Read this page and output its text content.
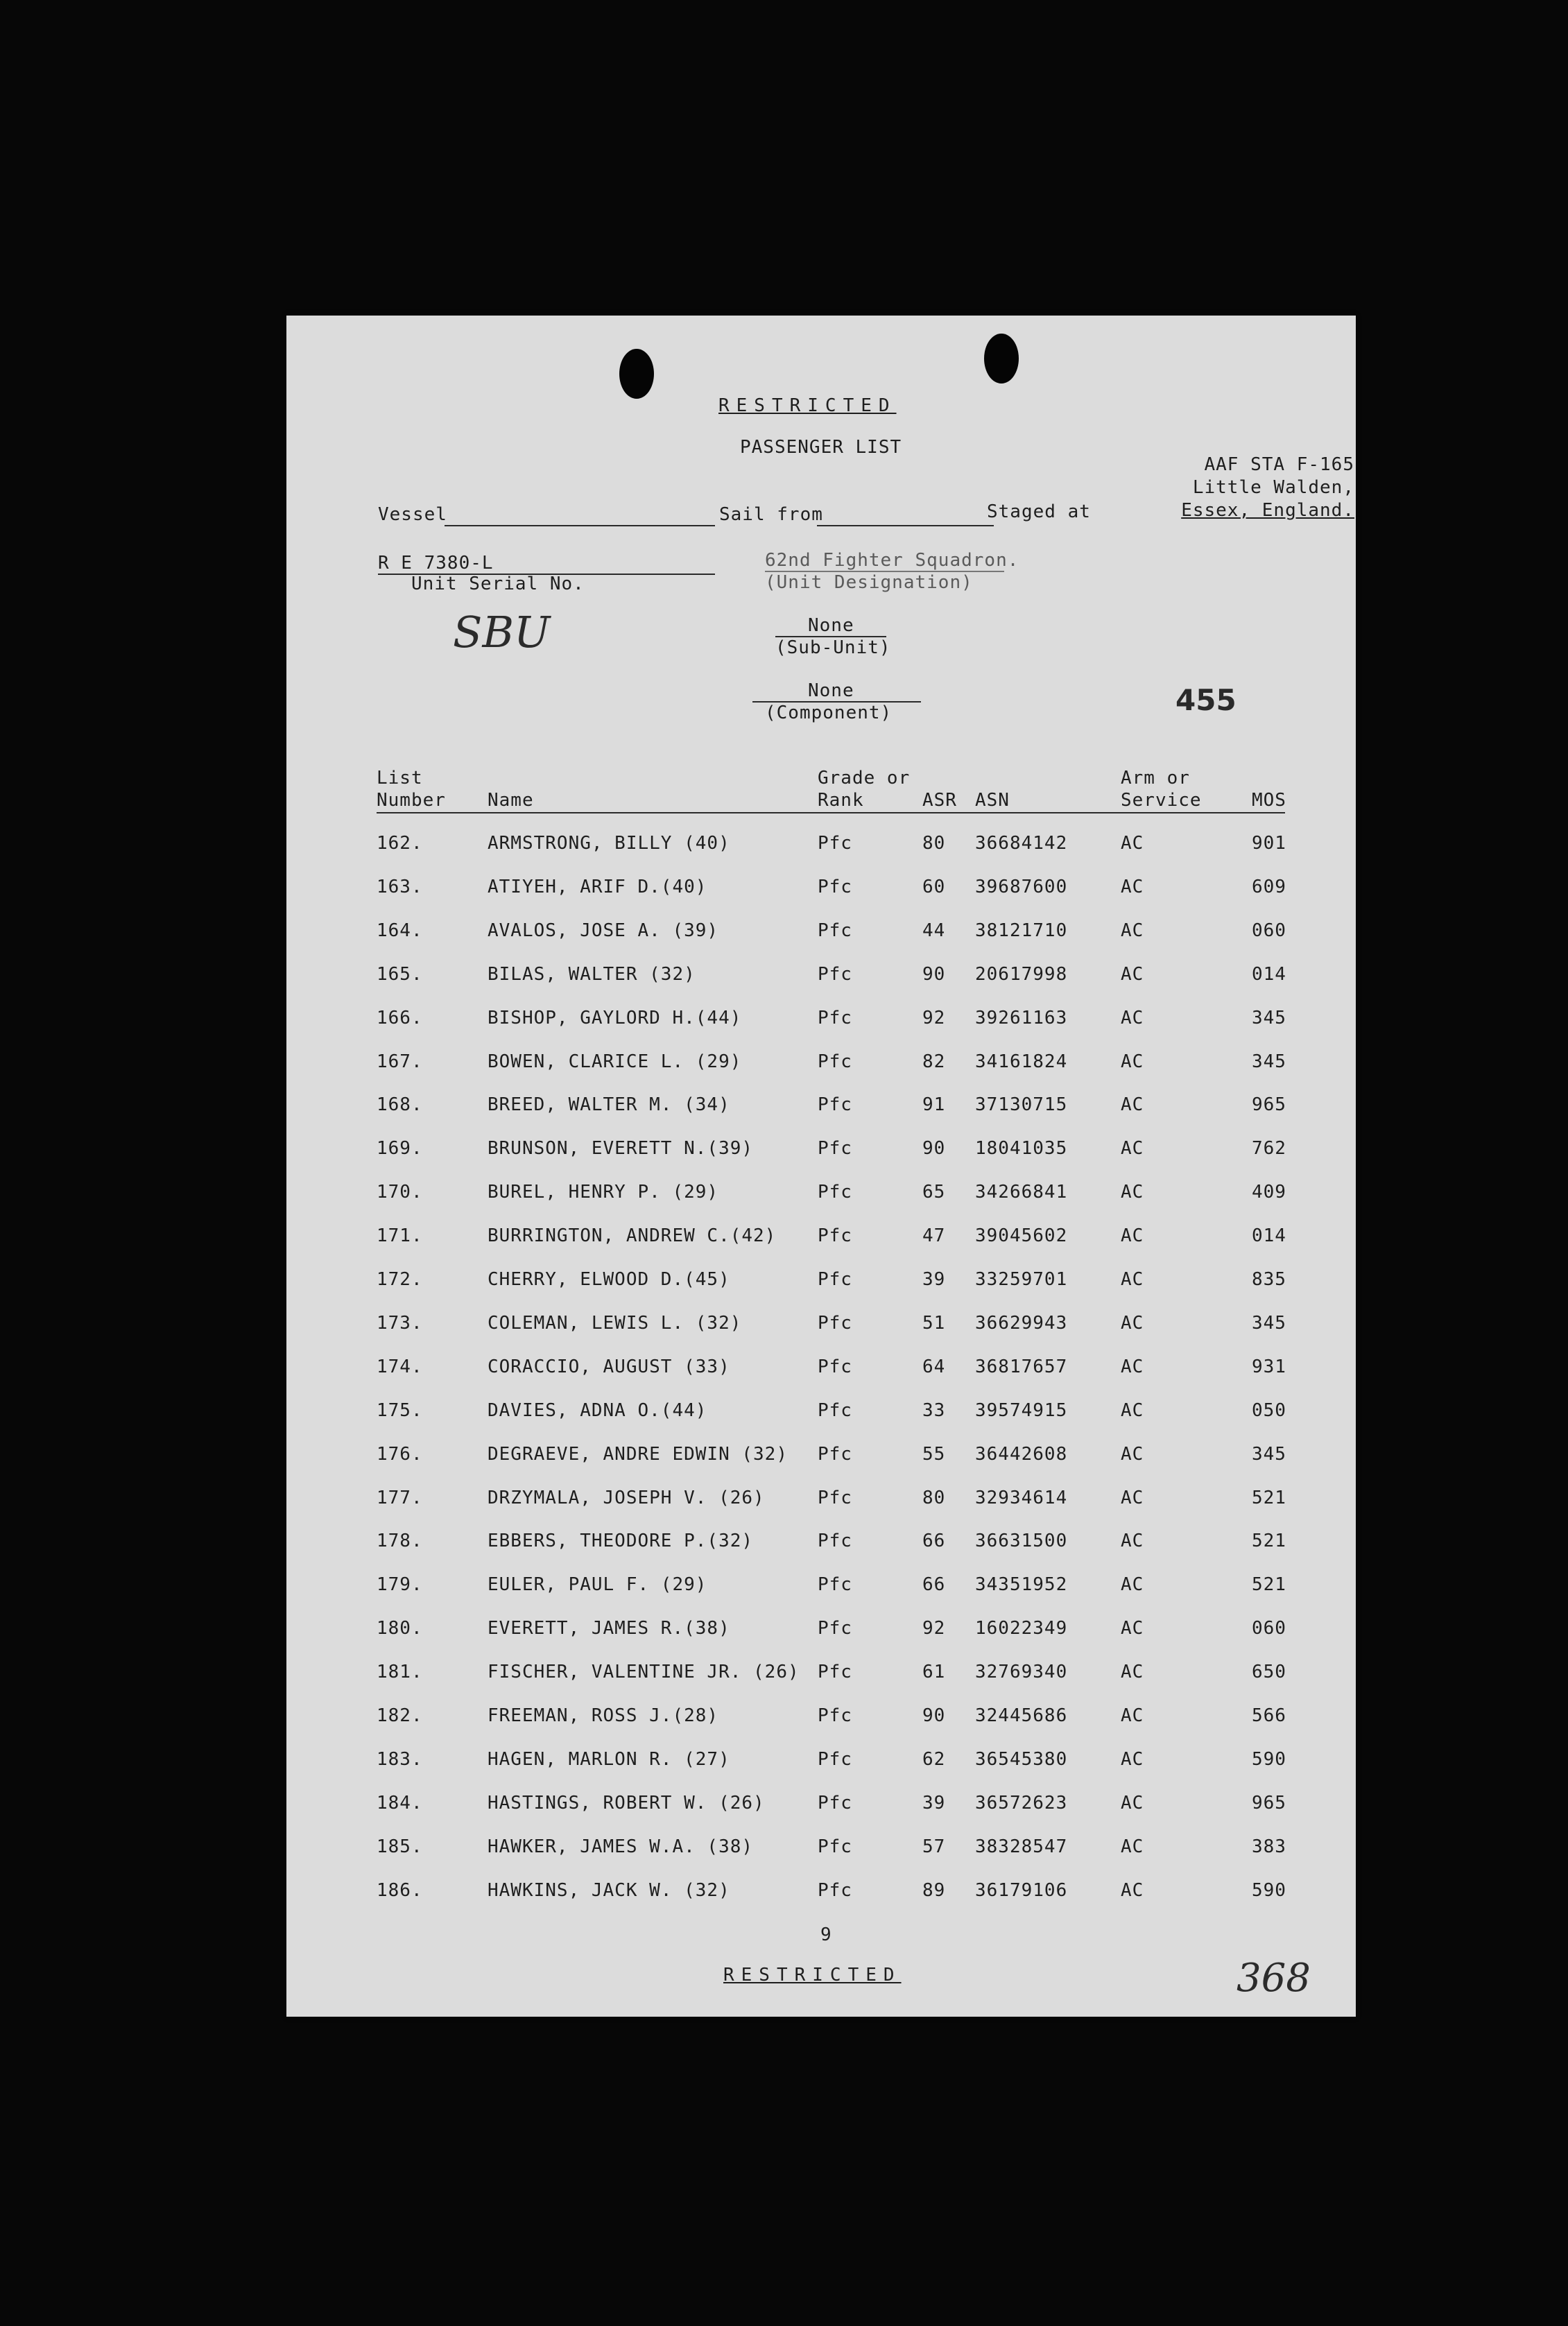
RESTRICTED
PASSENGER LIST
AAF STA F-165
Little Walden,
Essex, England.
Vessel	Sail from	Staged at
R E 7380-L
Unit Serial No.
62nd Fighter Squadron.
(Unit Designation)
SBU	None
(Sub-Unit)
None
(Component)	455
List
Number Name
Grade or
Rank	ASR ASN
Arm or
Service	MOS
162.	ARMSTRONG, BILLY (40)	Pfc	80 36684142	AC	901
163.	ATIYEH, ARIF D.(40)	Pfc	60 39687600	AC	609
164.	AVALOS, JOSE A. (39)	Pfc	44 38121710	AC	060
165.	BILAS, WALTER (32)	Pfc	90 20617998	AC	014
166.	BISHOP, GAYLORD H.(44)	Pfc	92 39261163	AC	345
167.	BOWEN, CLARICE L. (29)	Pfc	82 34161824	AC	345
168.	BREED, WALTER M. (34)	Pfc	91 37130715	AC	965
169.	BRUNSON, EVERETT N.(39)	Pfc	90 18041035	AC	762
170.	BUREL, HENRY P. (29)	Pfc	65 34266841	AC	409
171.	BURRINGTON, ANDREW C.(42) Pfc	47 39045602	AC	014
172.	CHERRY, ELWOOD D.(45)	Pfc	39 33259701	AC	835
173.	COLEMAN, LEWIS L. (32)	Pfc	51 36629943	AC	345
174.	CORACCIO, AUGUST (33)	Pfc	64 36817657	AC	931
175.	DAVIES, ADNA O.(44)	Pfc	33 39574915	AC	050
176.	DEGRAEVE, ANDRE EDWIN (32) Pfc	55 36442608	AC	345
177.	DRZYMALA, JOSEPH V. (26)	Pfc	80 32934614	AC	521
178.	EBBERS, THEODORE P.(32)	Pfc	66 36631500	AC	521
179.	EULER, PAUL F. (29)	Pfc	66 34351952	AC	521
180.	EVERETT, JAMES R.(38)	Pfc	92 16022349	AC	060
181.	FISCHER, VALENTINE JR. (26) Pfc	61 32769340	AC	650
182.	FREEMAN, ROSS J.(28)	Pfc	90 32445686	AC	566
183.	HAGEN, MARLON R. (27)	Pfc	62 36545380	AC	590
184.	HASTINGS, ROBERT W. (26)	Pfc	39 36572623	AC	965
185.	HAWKER, JAMES W.A. (38)	Pfc	57 38328547	AC	383
186.	HAWKINS, JACK W. (32)	Pfc	89 36179106	AC	590
9
RESTRICTED	368
